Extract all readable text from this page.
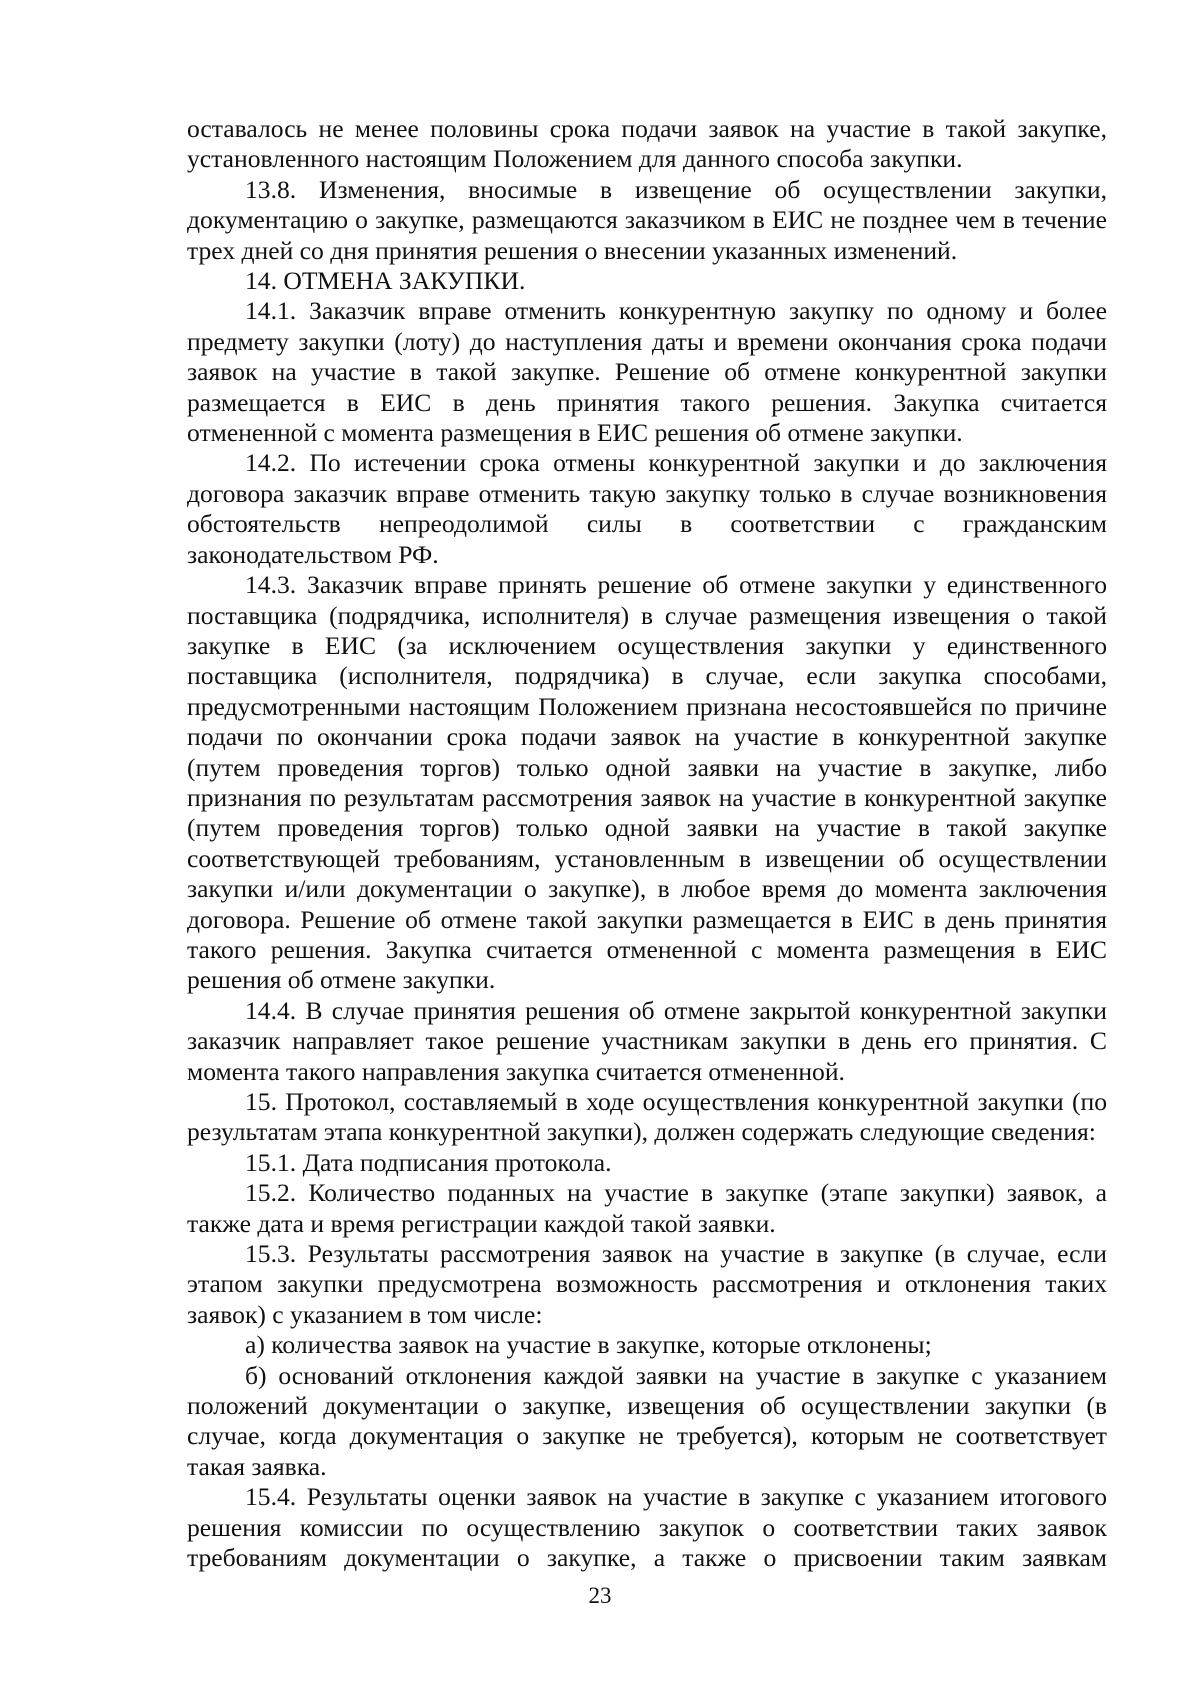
оставалось не менее половины срока подачи заявок на участие в такой закупке, установленного настоящим Положением для данного способа закупки.

13.8. Изменения, вносимые в извещение об осуществлении закупки, документацию о закупке, размещаются заказчиком в ЕИС не позднее чем в течение трех дней со дня принятия решения о внесении указанных изменений.

14. ОТМЕНА ЗАКУПКИ.

14.1. Заказчик вправе отменить конкурентную закупку по одному и более предмету закупки (лоту) до наступления даты и времени окончания срока подачи заявок на участие в такой закупке. Решение об отмене конкурентной закупки размещается в ЕИС в день принятия такого решения. Закупка считается отмененной с момента размещения в ЕИС решения об отмене закупки.

14.2. По истечении срока отмены конкурентной закупки и до заключения договора заказчик вправе отменить такую закупку только в случае возникновения обстоятельств непреодолимой силы в соответствии с гражданским законодательством РФ.

14.3. Заказчик вправе принять решение об отмене закупки у единственного поставщика (подрядчика, исполнителя) в случае размещения извещения о такой закупке в ЕИС (за исключением осуществления закупки у единственного поставщика (исполнителя, подрядчика) в случае, если закупка способами, предусмотренными настоящим Положением признана несостоявшейся по причине подачи по окончании срока подачи заявок на участие в конкурентной закупке (путем проведения торгов) только одной заявки на участие в закупке, либо признания по результатам рассмотрения заявок на участие в конкурентной закупке (путем проведения торгов) только одной заявки на участие в такой закупке соответствующей требованиям, установленным в извещении об осуществлении закупки и/или документации о закупке), в любое время до момента заключения договора. Решение об отмене такой закупки размещается в ЕИС в день принятия такого решения. Закупка считается отмененной с момента размещения в ЕИС решения об отмене закупки.

14.4. В случае принятия решения об отмене закрытой конкурентной закупки заказчик направляет такое решение участникам закупки в день его принятия. С момента такого направления закупка считается отмененной.

15. Протокол, составляемый в ходе осуществления конкурентной закупки (по результатам этапа конкурентной закупки), должен содержать следующие сведения:

15.1. Дата подписания протокола.

15.2. Количество поданных на участие в закупке (этапе закупки) заявок, а также дата и время регистрации каждой такой заявки.

15.3. Результаты рассмотрения заявок на участие в закупке (в случае, если этапом закупки предусмотрена возможность рассмотрения и отклонения таких заявок) с указанием в том числе:

а) количества заявок на участие в закупке, которые отклонены;

б) оснований отклонения каждой заявки на участие в закупке с указанием положений документации о закупке, извещения об осуществлении закупки (в случае, когда документация о закупке не требуется), которым не соответствует такая заявка.

15.4. Результаты оценки заявок на участие в закупке с указанием итогового решения комиссии по осуществлению закупок о соответствии таких заявок требованиям документации о закупке, а также о присвоении таким заявкам

23
